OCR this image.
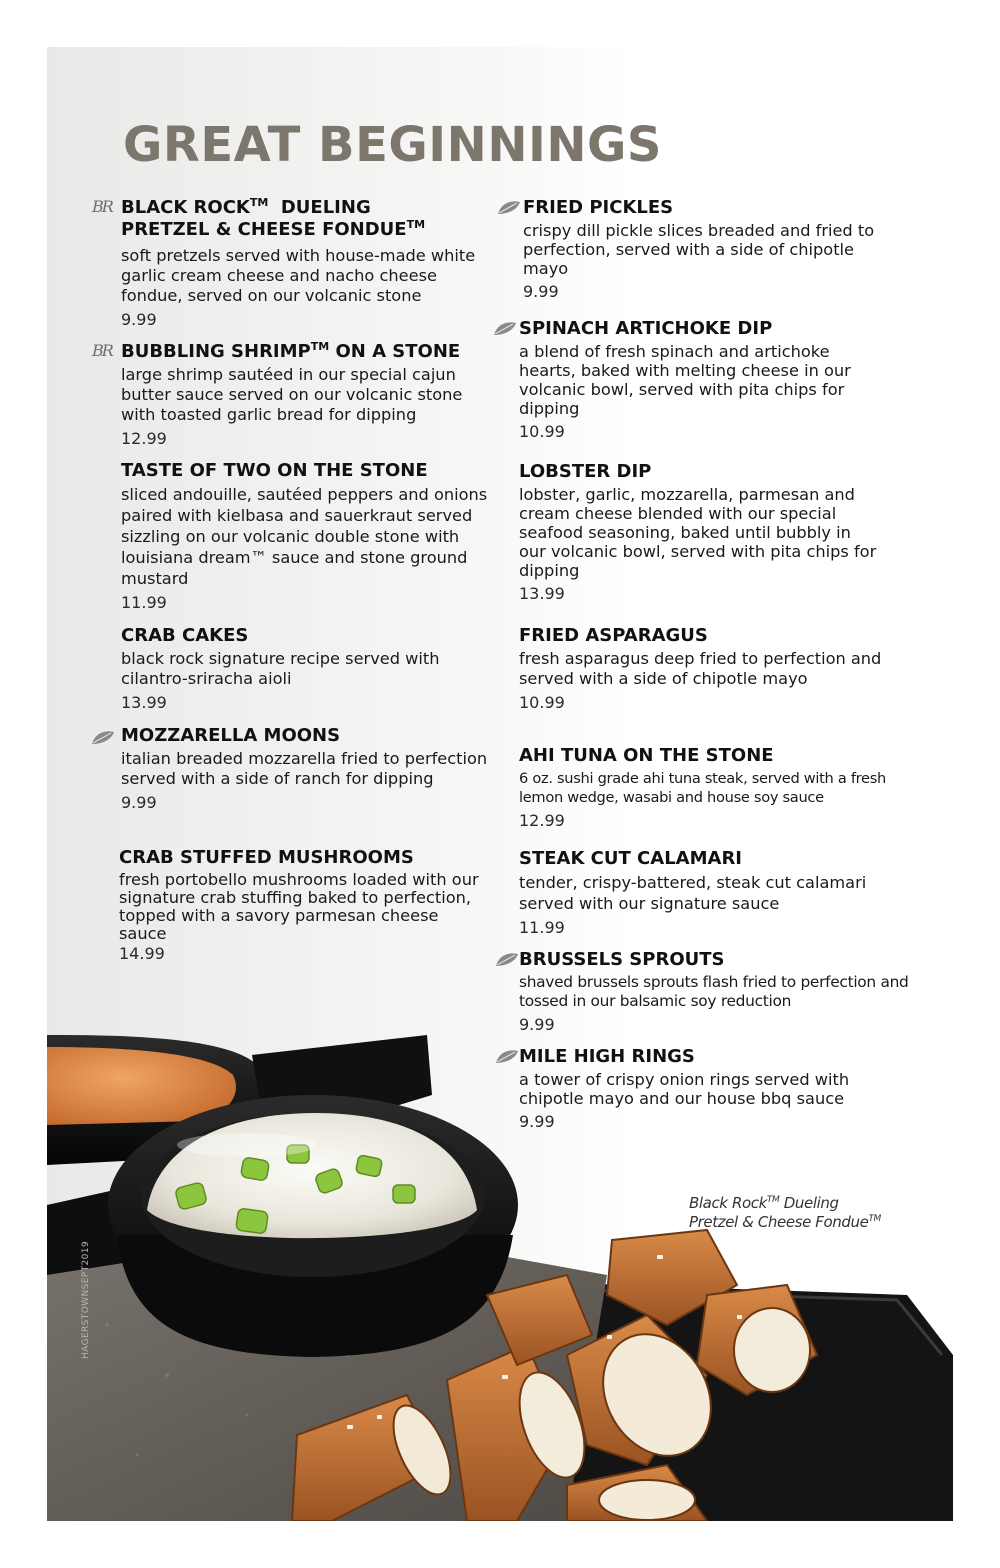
GREAT BEGINNINGS
BR BLACK ROCK™  DUELING
PRETZEL & CHEESE FONDUE™
soft pretzels served with house-made white garlic cream cheese and nacho cheese fondue, served on our volcanic stone
9.99
BR BUBBLING SHRIMP™ ON A STONE
large shrimp sautéed in our special cajun butter sauce served on our volcanic stone with toasted garlic bread for dipping
12.99
TASTE OF TWO ON THE STONE
sliced andouille, sautéed peppers and onions paired with kielbasa and sauerkraut served sizzling on our volcanic double stone with louisiana dream™ sauce and stone ground mustard
11.99
CRAB CAKES
black rock signature recipe served with cilantro-sriracha aioli
13.99
MOZZARELLA MOONS
italian breaded mozzarella fried to perfection served with a side of ranch for dipping
9.99
CRAB STUFFED MUSHROOMS
fresh portobello mushrooms loaded with our signature crab stuffing baked to perfection, topped with a savory parmesan cheese sauce
14.99
FRIED PICKLES
crispy dill pickle slices breaded and fried to perfection, served with a side of chipotle mayo
9.99
SPINACH ARTICHOKE DIP
a blend of fresh spinach and artichoke hearts, baked with melting cheese in our volcanic bowl, served with pita chips for dipping
10.99
LOBSTER DIP
lobster, garlic, mozzarella, parmesan and cream cheese blended with our special seafood seasoning, baked until bubbly in our volcanic bowl, served with pita chips for dipping
13.99
FRIED ASPARAGUS
fresh asparagus deep fried to perfection and served with a side of chipotle mayo
10.99
AHI TUNA ON THE STONE
6 oz. sushi grade ahi tuna steak, served with a fresh lemon wedge, wasabi and house soy sauce
12.99
STEAK CUT CALAMARI
tender, crispy-battered, steak cut calamari served with our signature sauce
11.99
BRUSSELS SPROUTS
shaved brussels sprouts flash fried to perfection and tossed in our balsamic soy reduction
9.99
MILE HIGH RINGS
a tower of crispy onion rings served with chipotle mayo and our house bbq sauce
9.99
Black Rock™ Dueling
Pretzel & Cheese Fondue™
HAGERSTOWNSEPT2019
